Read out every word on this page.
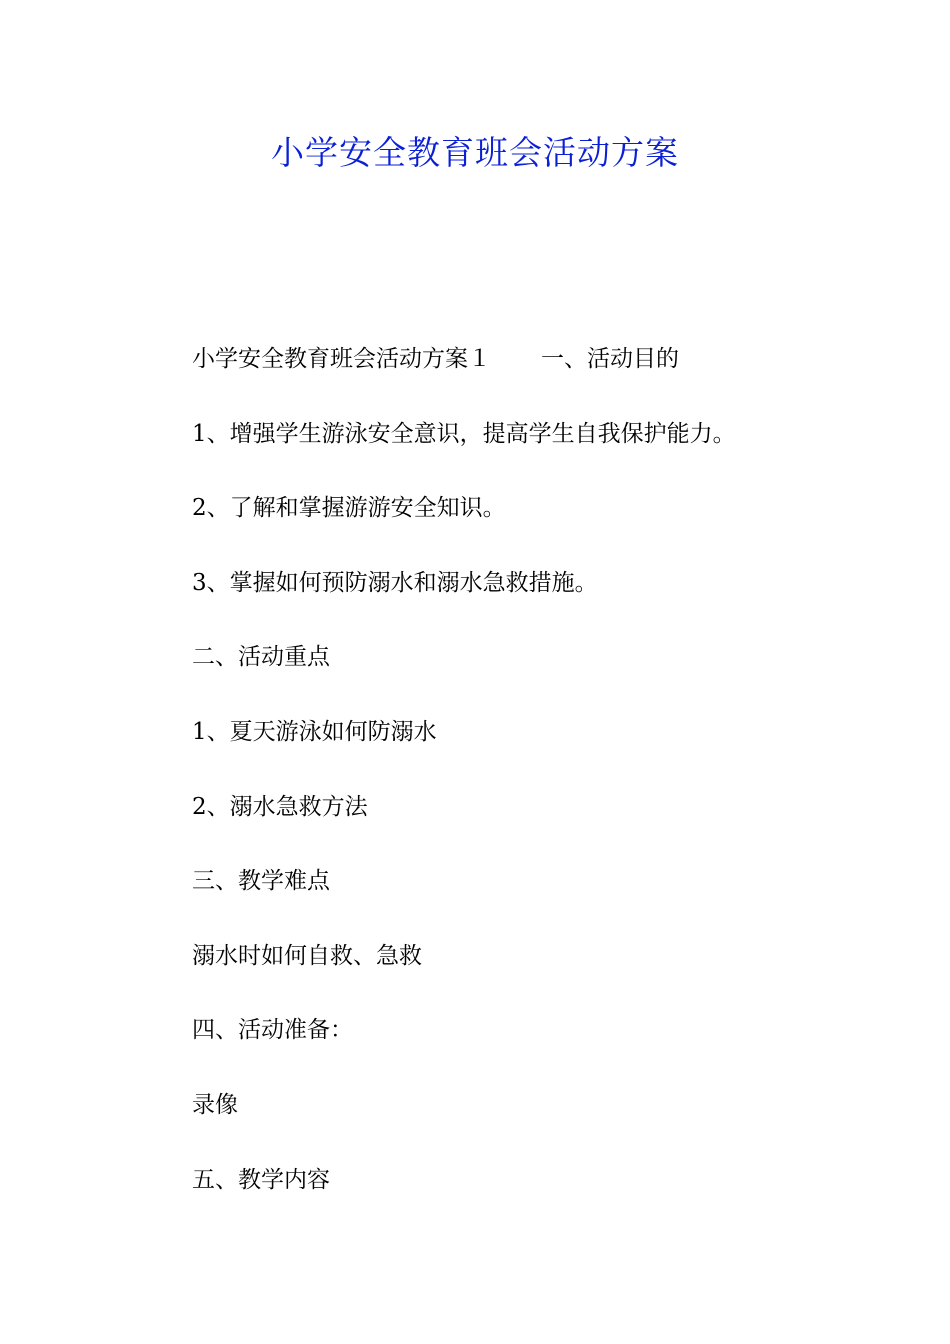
小学安全教育班会活动方案

小学安全教育班会活动方案１ 一、活动目的

1、增强学生游泳安全意识，提高学生自我保护能力。

2、了解和掌握游游安全知识。

3、掌握如何预防溺水和溺水急救措施。

二、活动重点

1、夏天游泳如何防溺水

2、溺水急救方法

三、教学难点

溺水时如何自救、急救

四、活动准备：

录像

五、教学内容
